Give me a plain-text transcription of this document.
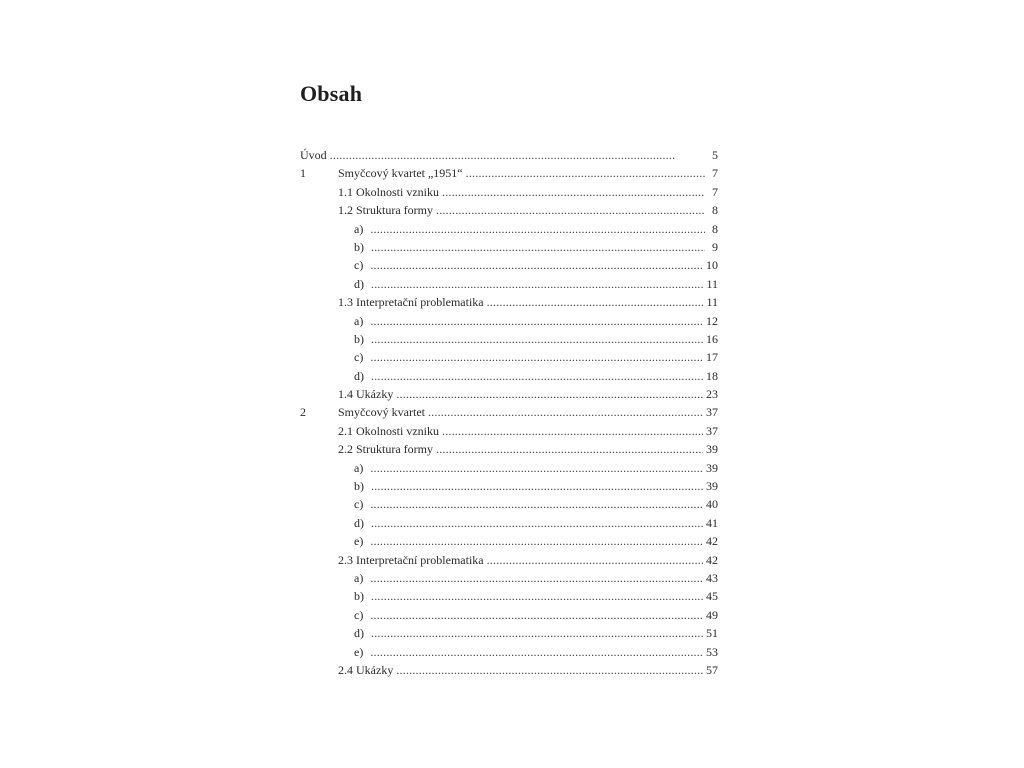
Obsah
Úvod . . .	5
1	Smyčcový kvartet „1951“ . . .	7
1.1 Okolnosti vzniku . . .	7
1.2 Struktura formy . . .	8
a) . . .	8
b) . . .	9
c) . . .	10
d) . . .	11
1.3 Interpretační problematika . . .	11
a) . . .	12
b) . . .	16
c) . . .	17
d) . . .	18
1.4 Ukázky . . .	23
2	Smyčcový kvartet . . .	37
2.1 Okolnosti vzniku . . .	37
2.2 Struktura formy . . .	39
a) . . .	39
b) . . .	39
c) . . .	40
d) . . .	41
e) . . .	42
2.3 Interpretační problematika . . .	42
a) . . .	43
b) . . .	45
c) . . .	49
d) . . .	51
e) . . .	53
2.4 Ukázky . . .	57
